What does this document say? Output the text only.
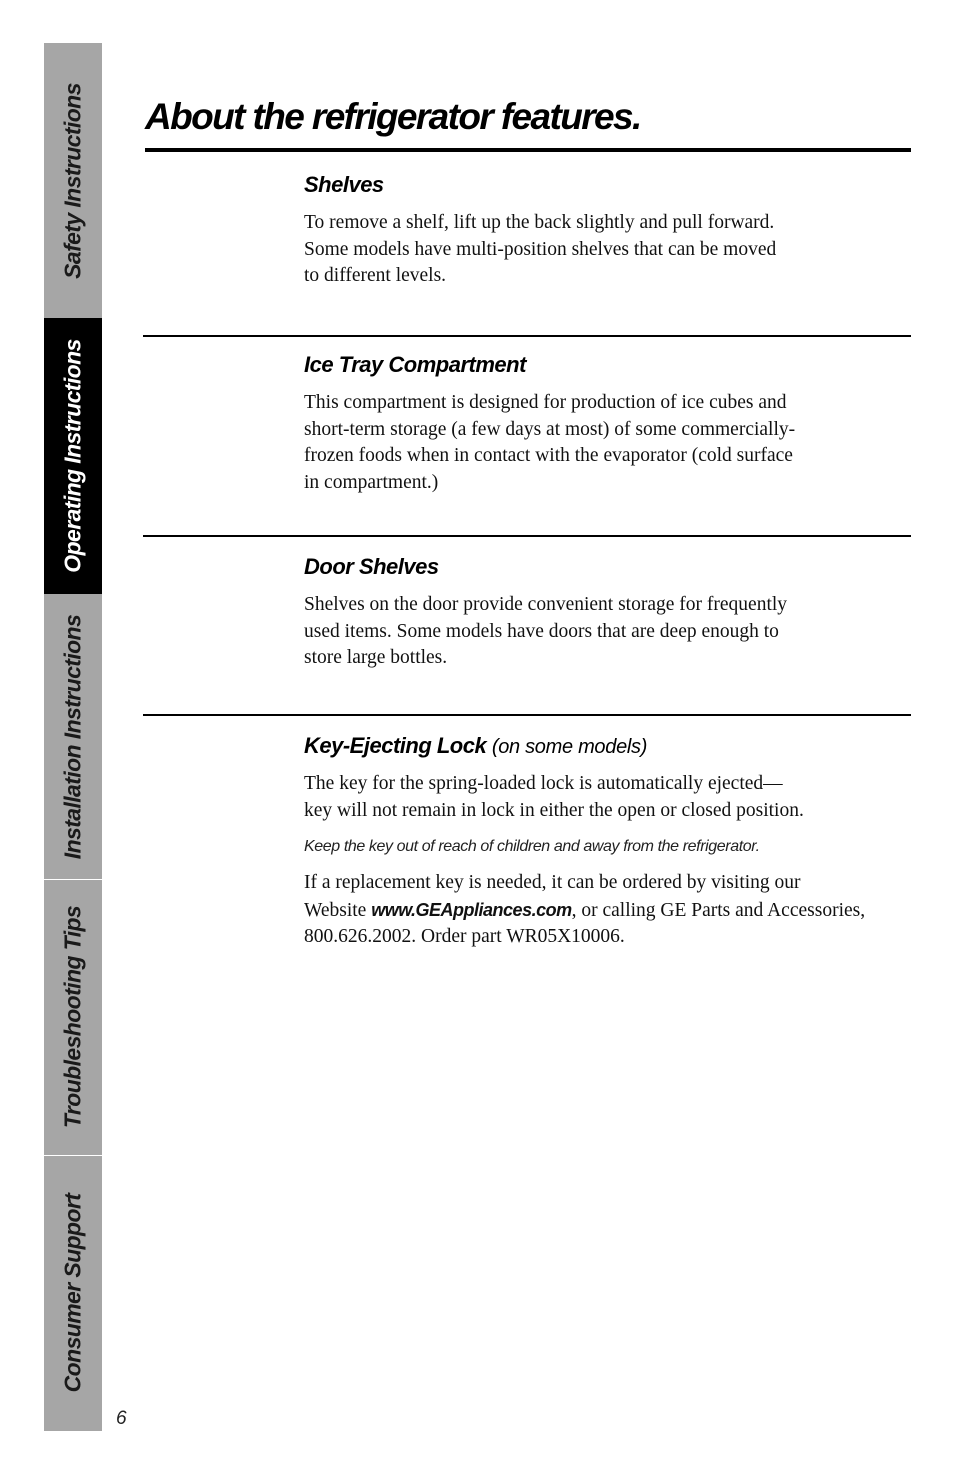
Safety Instructions
Operating Instructions
Installation Instructions
Troubleshooting Tips
Consumer Support
6
About the refrigerator features.
Shelves

To remove a shelf, lift up the back slightly and pull forward.
Some models have multi-position shelves that can be moved
to different levels.

Ice Tray Compartment

This compartment is designed for production of ice cubes and
short-term storage (a few days at most) of some commercially-
frozen foods when in contact with the evaporator (cold surface
in compartment.)

Door Shelves

Shelves on the door provide convenient storage for frequently
used items. Some models have doors that are deep enough to
store large bottles.

Key-Ejecting Lock (on some models)

The key for the spring-loaded lock is automatically ejected—
key will not remain in lock in either the open or closed position.

Keep the key out of reach of children and away from the refrigerator.

If a replacement key is needed, it can be ordered by visiting our
Website www.GEAppliances.com, or calling GE Parts and Accessories,
800.626.2002. Order part WR05X10006.
